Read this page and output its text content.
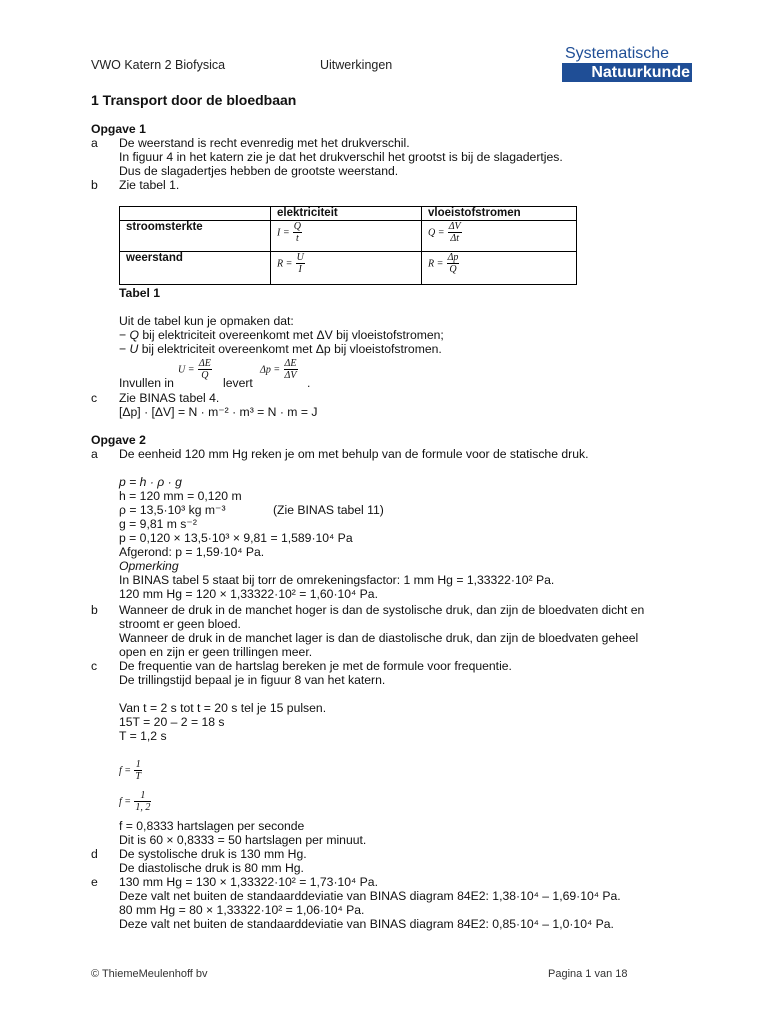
VWO Katern 2 Biofysica	Uitwerkingen
Systematische
Natuurkunde
1 Transport door de bloedbaan
Opgave 1
a De weerstand is recht evenredig met het drukverschil.
In figuur 4 in het katern zie je dat het drukverschil het grootst is bij de slagadertjes.
Dus de slagadertjes hebben de grootste weerstand.
b Zie tabel 1.
	elektriciteit	vloeistofstromen
stroomsterkte	$I = \frac{Q}{t}$	$Q = \frac{\Delta V}{\Delta t}$

weerstand	$R = \frac{U}{I}$	$R = \frac{\Delta p}{Q}$
Tabel 1
Uit de tabel kun je opmaken dat:
− Q bij elektriciteit overeenkomt met ΔV bij vloeistofstromen;
− U bij elektriciteit overeenkomt met Δp bij vloeistofstromen.
Invullen in
$U = \frac{\Delta E}{Q}$
levert
$\Delta p = \frac{\Delta E}{\Delta V}$
.
c Zie BINAS tabel 4.
[Δp] · [ΔV] = N · m⁻² · m³ = N · m = J
Opgave 2
a De eenheid 120 mm Hg reken je om met behulp van de formule voor de statische druk.
p = h · ρ · g
h = 120 mm = 0,120 m
ρ = 13,5·10³ kg m⁻³	(Zie BINAS tabel 11)
g = 9,81 m s⁻²
p = 0,120 × 13,5·10³ × 9,81 = 1,589·10⁴ Pa
Afgerond: p = 1,59·10⁴ Pa.
Opmerking
In BINAS tabel 5 staat bij torr de omrekeningsfactor: 1 mm Hg = 1,33322·10² Pa.
120 mm Hg = 120 × 1,33322·10² = 1,60·10⁴ Pa.
b Wanneer de druk in de manchet hoger is dan de systolische druk, dan zijn de bloedvaten dicht en
stroomt er geen bloed.
Wanneer de druk in de manchet lager is dan de diastolische druk, dan zijn de bloedvaten geheel
open en zijn er geen trillingen meer.
c De frequentie van de hartslag bereken je met de formule voor frequentie.
De trillingstijd bepaal je in figuur 8 van het katern.
Van t = 2 s tot t = 20 s tel je 15 pulsen.
15T = 20 – 2 = 18 s
T = 1,2 s
$f = \frac{1}{T}$
$f = \frac{1}{1, 2}$
f = 0,8333 hartslagen per seconde
Dit is 60 × 0,8333 = 50 hartslagen per minuut.
d De systolische druk is 130 mm Hg.
De diastolische druk is 80 mm Hg.
e 130 mm Hg = 130 × 1,33322·10² = 1,73·10⁴ Pa.
Deze valt net buiten de standaarddeviatie van BINAS diagram 84E2: 1,38·10⁴ – 1,69·10⁴ Pa.
80 mm Hg = 80 × 1,33322·10² = 1,06·10⁴ Pa.
Deze valt net buiten de standaarddeviatie van BINAS diagram 84E2: 0,85·10⁴ – 1,0·10⁴ Pa.
© ThiemeMeulenhoff bv	Pagina 1 van 18
